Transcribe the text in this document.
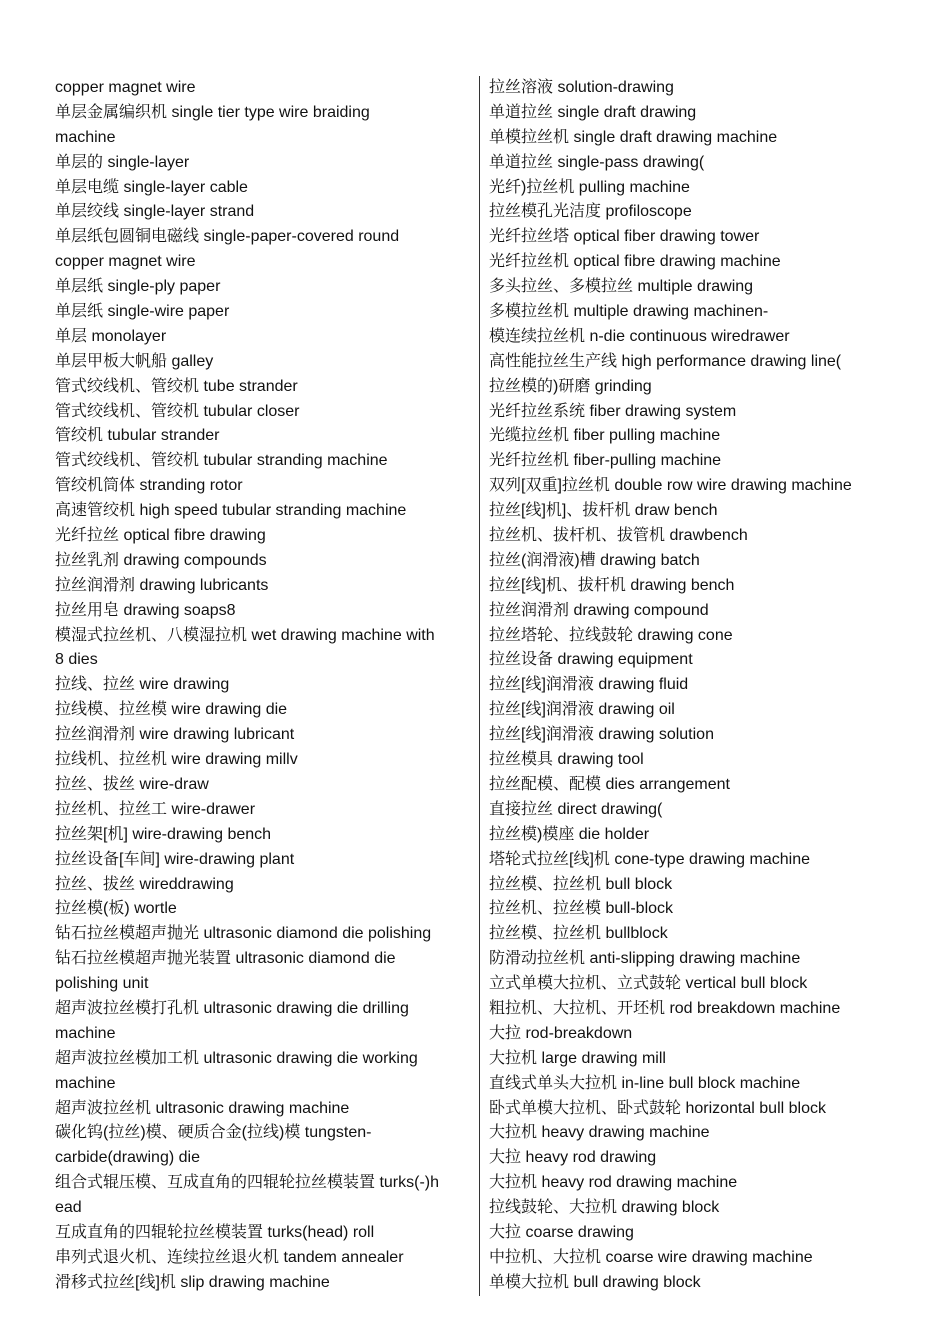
copper magnet wire
单层金属编织机 single tier type wire braiding
machine
单层的 single-layer
单层电缆 single-layer cable
单层绞线 single-layer strand
单层纸包圆铜电磁线 single-paper-covered round
copper magnet wire
单层纸 single-ply paper
单层纸 single-wire paper
单层 monolayer
单层甲板大帆船 galley
管式绞线机、管绞机 tube strander
管式绞线机、管绞机 tubular closer
管绞机 tubular strander
管式绞线机、管绞机 tubular stranding machine
管绞机筒体 stranding rotor
高速管绞机 high speed tubular stranding machine
光纤拉丝 optical fibre drawing
拉丝乳剂 drawing compounds
拉丝润滑剂 drawing lubricants
拉丝用皂 drawing soaps8
模湿式拉丝机、八模湿拉机 wet drawing machine with
8 dies
拉线、拉丝 wire drawing
拉线模、拉丝模 wire drawing die
拉丝润滑剂 wire drawing lubricant
拉线机、拉丝机 wire drawing millv
拉丝、拔丝 wire-draw
拉丝机、拉丝工 wire-drawer
拉丝架[机] wire-drawing bench
拉丝设备[车间] wire-drawing plant
拉丝、拔丝 wireddrawing
拉丝模(板) wortle
钻石拉丝模超声抛光 ultrasonic diamond die polishing
钻石拉丝模超声抛光装置 ultrasonic diamond die
polishing unit
超声波拉丝模打孔机 ultrasonic drawing die drilling
machine
超声波拉丝模加工机 ultrasonic drawing die working
machine
超声波拉丝机 ultrasonic drawing machine
碳化钨(拉丝)模、硬质合金(拉线)模 tungsten-
carbide(drawing) die
组合式辊压模、互成直角的四辊轮拉丝模装置 turks(-)h
ead
互成直角的四辊轮拉丝模装置 turks(head) roll
串列式退火机、连续拉丝退火机 tandem annealer
滑移式拉丝[线]机 slip drawing machine
拉丝溶液 solution-drawing
单道拉丝 single draft drawing
单模拉丝机 single draft drawing machine
单道拉丝 single-pass drawing(
光纤)拉丝机 pulling machine
拉丝模孔光洁度 profiloscope
光纤拉丝塔 optical fiber drawing tower
光纤拉丝机 optical fibre drawing machine
多头拉丝、多模拉丝 multiple drawing
多模拉丝机 multiple drawing machinen-
模连续拉丝机 n-die continuous wiredrawer
高性能拉丝生产线 high performance drawing line(
拉丝模的)研磨 grinding
光纤拉丝系统 fiber drawing system
光缆拉丝机 fiber pulling machine
光纤拉丝机 fiber-pulling machine
双列[双重]拉丝机 double row wire drawing machine
拉丝[线]机]、拔杆机 draw bench
拉丝机、拔杆机、拔管机 drawbench
拉丝(润滑液)槽 drawing batch
拉丝[线]机、拔杆机 drawing bench
拉丝润滑剂 drawing compound
拉丝塔轮、拉线鼓轮 drawing cone
拉丝设备 drawing equipment
拉丝[线]润滑液 drawing fluid
拉丝[线]润滑液 drawing oil
拉丝[线]润滑液 drawing solution
拉丝模具 drawing tool
拉丝配模、配模 dies arrangement
直接拉丝 direct drawing(
拉丝模)模座 die holder
塔轮式拉丝[线]机 cone-type drawing machine
拉丝模、拉丝机 bull block
拉丝机、拉丝模 bull-block
拉丝模、拉丝机 bullblock
防滑动拉丝机 anti-slipping drawing machine
立式单模大拉机、立式鼓轮 vertical bull block
粗拉机、大拉机、开坯机 rod breakdown machine
大拉 rod-breakdown
大拉机 large drawing mill
直线式单头大拉机 in-line bull block machine
卧式单模大拉机、卧式鼓轮 horizontal bull block
大拉机 heavy drawing machine
大拉 heavy rod drawing
大拉机 heavy rod drawing machine
拉线鼓轮、大拉机 drawing block
大拉 coarse drawing
中拉机、大拉机 coarse wire drawing machine
单模大拉机 bull drawing block
